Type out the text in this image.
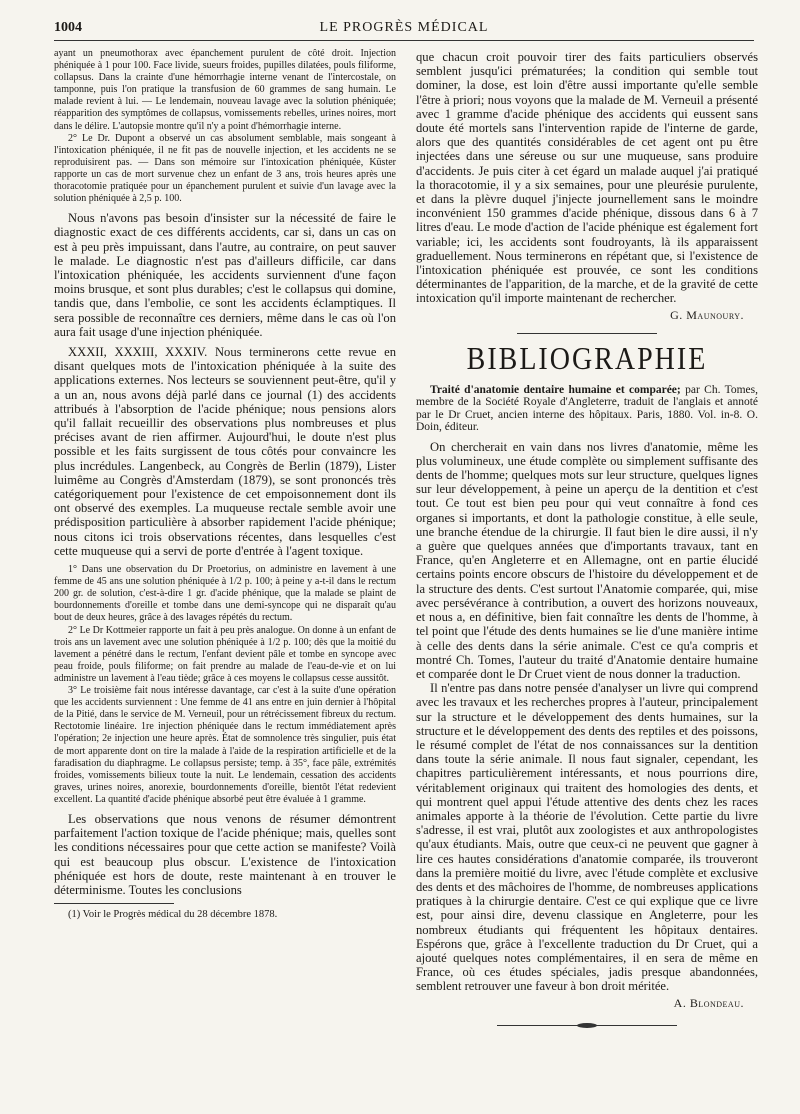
1004	LE PROGRÈS MÉDICAL

ayant un pneumothorax avec épanchement purulent de côté droit. Injection phéniquée à 1 pour 100. Face livide, sueurs froides, pupilles dilatées, pouls filiforme, collapsus. Dans la crainte d'une hémorrhagie interne venant de l'intercostale, on tamponne, puis l'on pratique la transfusion de 60 grammes de sang humain. Le malade revient à lui. — Le lendemain, nouveau lavage avec la solution phéniquée; réapparition des symptômes de collapsus, vomissements rebelles, urines noires, mort dans le délire. L'autopsie montre qu'il n'y a point d'hémorrhagie interne.

2° Le Dr. Dupont a observé un cas absolument semblable, mais songeant à l'intoxication phéniquée, il ne fit pas de nouvelle injection, et les accidents ne se reproduisirent pas. — Dans son mémoire sur l'intoxication phéniquée, Küster rapporte un cas de mort survenue chez un enfant de 3 ans, trois heures après une thoracotomie pratiquée pour un épanchement purulent et suivie d'un lavage avec la solution phéniquée à 2,5 p. 100.

Nous n'avons pas besoin d'insister sur la nécessité de faire le diagnostic exact de ces différents accidents, car si, dans un cas on est à peu près impuissant, dans l'autre, au contraire, on peut sauver le malade. Le diagnostic n'est pas d'ailleurs difficile, car dans l'intoxication phéniquée, les accidents surviennent d'une façon moins brusque, et sont plus durables; c'est le collapsus qui domine, tandis que, dans l'embolie, ce sont les accidents éclamptiques. Il sera possible de reconnaître ces derniers, même dans le cas où l'on aura fait usage d'une injection phéniquée.

XXXII, XXXIII, XXXIV. Nous terminerons cette revue en disant quelques mots de l'intoxication phéniquée à la suite des applications externes. Nos lecteurs se souviennent peut-être, qu'il y a un an, nous avons déjà parlé dans ce journal (1) des accidents attribués à l'absorption de l'acide phénique; nous pensions alors qu'il fallait recueillir des observations plus nombreuses et plus précises avant de rien affirmer. Aujourd'hui, le doute n'est plus possible et les faits surgissent de tous côtés pour convaincre les plus incrédules. Langenbeck, au Congrès de Berlin (1879), Lister luimême au Congrès d'Amsterdam (1879), se sont prononcés très catégoriquement pour l'existence de cet empoisonnement dont ils ont observé des exemples. La muqueuse rectale semble avoir une prédisposition particulière à absorber rapidement l'acide phénique; nous citons ici trois observations récentes, dans lesquelles c'est cette muqueuse qui a servi de porte d'entrée à l'agent toxique.

1° Dans une observation du Dr Proetorius, on administre en lavement à une femme de 45 ans une solution phéniquée à 1/2 p. 100; à peine y a-t-il dans le rectum 200 gr. de solution, c'est-à-dire 1 gr. d'acide phénique, que la malade se plaint de bourdonnements d'oreille et tombe dans une demi-syncope qui ne disparaît qu'au bout de deux heures, grâce à des lavages répétés du rectum.

2° Le Dr Kottmeier rapporte un fait à peu près analogue. On donne à un enfant de trois ans un lavement avec une solution phéniquée à 1/2 p. 100; dès que la moitié du lavement a pénétré dans le rectum, l'enfant devient pâle et tombe en syncope avec peau froide, pouls filiforme; on fait prendre au malade de l'eau-de-vie et on lui administre un lavement à l'eau tiède; grâce à ces moyens le collapsus cesse aussitôt.

3° Le troisième fait nous intéresse davantage, car c'est à la suite d'une opération que les accidents surviennent : Une femme de 41 ans entre en juin dernier à l'hôpital de la Pitié, dans le service de M. Verneuil, pour un rétrécissement fibreux du rectum. Rectotomie linéaire. 1re injection phéniquée dans le rectum immédiatement après l'opération; 2e injection une heure après. État de somnolence très singulier, puis état de mort apparente dont on tire la malade à l'aide de la respiration artificielle et de la faradisation du diaphragme. Le collapsus persiste; temp. à 35°, face pâle, extrémités froides, vomissements bilieux toute la nuit. Le lendemain, cessation des accidents graves, urines noires, anorexie, bourdonnements d'oreille, bientôt l'état redevient excellent. La quantité d'acide phénique absorbé peut être évaluée à 1 gramme.

Les observations que nous venons de résumer démontrent parfaitement l'action toxique de l'acide phénique; mais, quelles sont les conditions nécessaires pour que cette action se manifeste? Voilà qui est beaucoup plus obscur. L'existence de l'intoxication phéniquée est hors de doute, reste maintenant à en trouver le déterminisme. Toutes les conclusions

(1) Voir le Progrès médical du 28 décembre 1878.

que chacun croit pouvoir tirer des faits particuliers observés semblent jusqu'ici prématurées; la condition qui semble tout dominer, la dose, est loin d'être aussi importante qu'elle semble l'être à priori; nous voyons que la malade de M. Verneuil a présenté avec 1 gramme d'acide phénique des accidents qui eussent sans doute été mortels sans l'intervention rapide de l'interne de garde, alors que des quantités considérables de cet agent ont pu être injectées dans une séreuse ou sur une muqueuse, sans produire d'accidents. Je puis citer à cet égard un malade auquel j'ai pratiqué la thoracotomie, il y a six semaines, pour une pleurésie purulente, et dans la plèvre duquel j'injecte journellement sans le moindre inconvénient 150 grammes d'acide phénique, dissous dans 6 à 7 litres d'eau. Le mode d'action de l'acide phénique est également fort variable; ici, les accidents sont foudroyants, là ils apparaissent graduellement. Nous terminerons en répétant que, si l'existence de l'intoxication phéniquée est prouvée, ce sont les conditions déterminantes de l'apparition, de la marche, et de la gravité de cette intoxication qu'il importe maintenant de rechercher.

G. Maunoury.
BIBLIOGRAPHIE

Traité d'anatomie dentaire humaine et comparée; par Ch. Tomes, membre de la Société Royale d'Angleterre, traduit de l'anglais et annoté par le Dr Cruet, ancien interne des hôpitaux. Paris, 1880. Vol. in-8. O. Doin, éditeur.

On chercherait en vain dans nos livres d'anatomie, même les plus volumineux, une étude complète ou simplement suffisante des dents de l'homme; quelques mots sur leur structure, quelques lignes sur leur développement, à peine un aperçu de la dentition et c'est tout. Ce tout est bien peu pour qui veut connaître à fond ces organes si importants, et dont la pathologie constitue, à elle seule, une branche étendue de la chirurgie. Il faut bien le dire aussi, il n'y a guère que quelques années que d'importants travaux, tant en France, qu'en Angleterre et en Allemagne, ont en partie élucidé certains points encore obscurs de l'histoire du développement et de la structure des dents. C'est surtout l'Anatomie comparée, qui, mise avec persévérance à contribution, a ouvert des horizons nouveaux, et nous a, en définitive, bien fait connaître les dents de l'homme, à tel point que l'étude des dents humaines se lie d'une manière intime à celle des dents dans la série animale. C'est ce qu'a compris et montré Ch. Tomes, l'auteur du traité d'Anatomie dentaire humaine et comparée dont le Dr Cruet vient de nous donner la traduction.

Il n'entre pas dans notre pensée d'analyser un livre qui comprend avec les travaux et les recherches propres à l'auteur, principalement sur la structure et le développement des dents humaines, sur la structure et le développement des dents des reptiles et des poissons, le résumé complet de l'état de nos connaissances sur la dentition dans toute la série animale. Il nous faut signaler, cependant, les chapitres particulièrement intéressants, et nous pourrions dire, véritablement originaux qui traitent des homologies des dents, et qui montrent quel appui l'étude attentive des dents chez les races animales apporte à la théorie de l'évolution. Cette partie du livre s'adresse, il est vrai, plutôt aux zoologistes et aux anthropologistes qu'aux étudiants. Mais, outre que ceux-ci ne peuvent que gagner à lire ces hautes considérations d'anatomie comparée, ils trouveront dans la première moitié du livre, avec l'étude complète et exclusive des dents et des mâchoires de l'homme, de nombreuses applications pratiques à la chirurgie dentaire. C'est ce qui explique que ce livre est, pour ainsi dire, devenu classique en Angleterre, pour les nombreux étudiants qui fréquentent les hôpitaux dentaires. Espérons que, grâce à l'excellente traduction du Dr Cruet, qui a ajouté quelques notes complémentaires, il en sera de même en France, où ces études spéciales, jadis presque abandonnées, semblent retrouver une faveur à bon droit méritée.

A. Blondeau.
